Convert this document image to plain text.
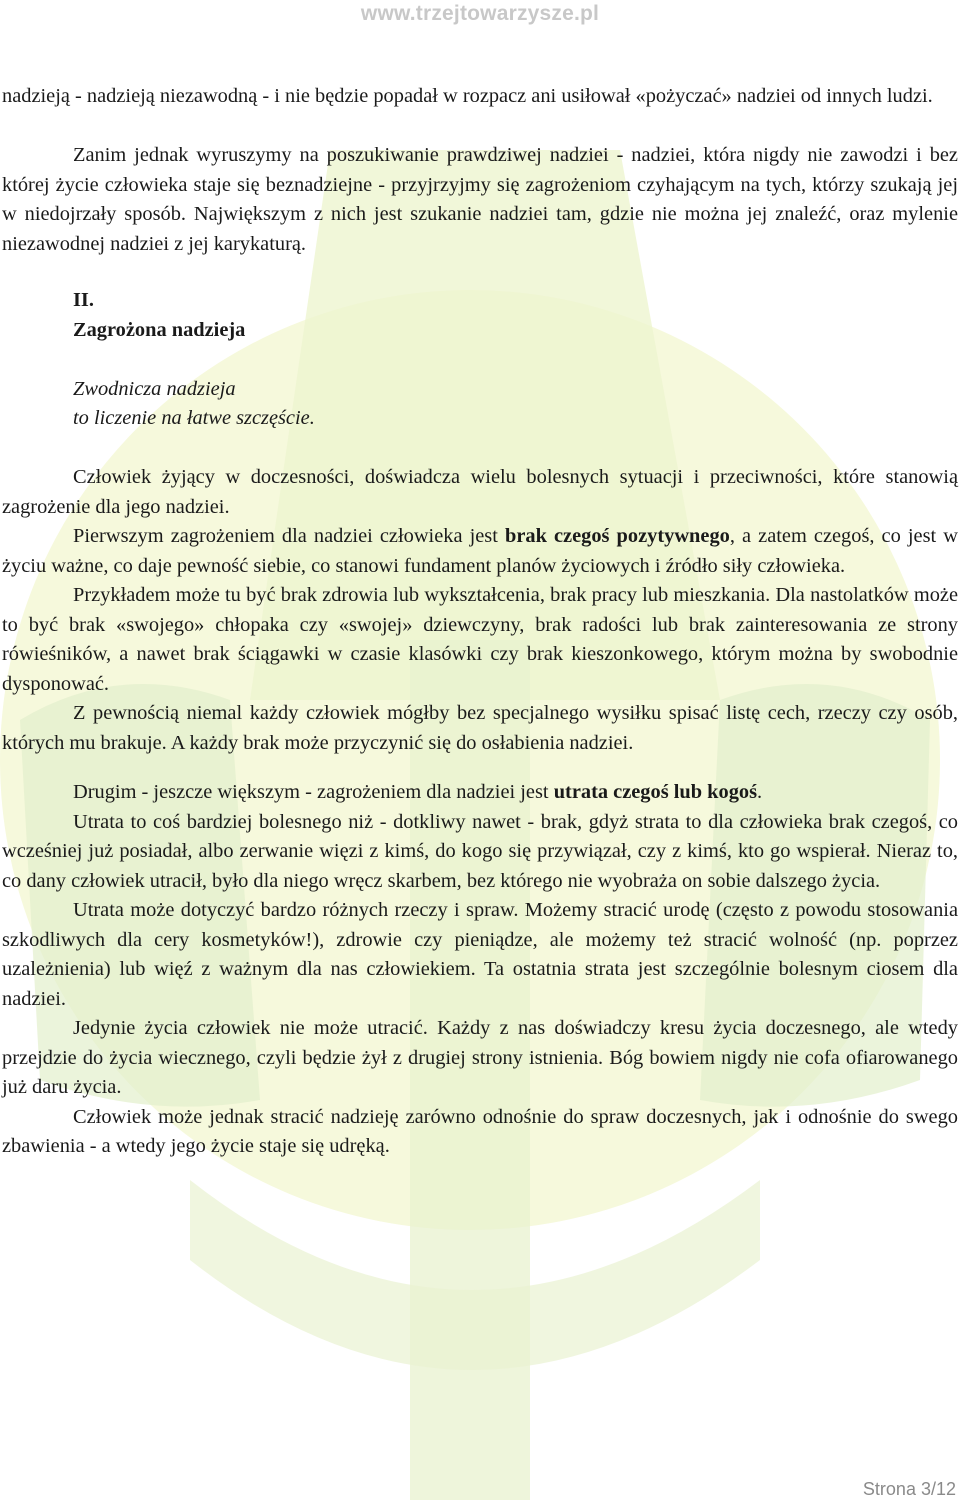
www.trzejtowarzysze.pl

nadzieją - nadzieją niezawodną - i nie będzie popadał w rozpacz ani usiłował «pożyczać» nadziei od innych ludzi.

Zanim jednak wyruszymy na poszukiwanie prawdziwej nadziei - nadziei, która nigdy nie zawodzi i bez której życie człowieka staje się beznadziejne - przyjrzyjmy się zagrożeniom czyhającym na tych, którzy szukają jej w niedojrzały sposób. Największym z nich jest szukanie nadziei tam, gdzie nie można jej znaleźć, oraz mylenie niezawodnej nadziei z jej karykaturą.

II.

Zagrożona nadzieja

Zwodnicza nadzieja

to liczenie na łatwe szczęście.

Człowiek żyjący w doczesności, doświadcza wielu bolesnych sytuacji i przeciwności, które stanowią zagrożenie dla jego nadziei.

Pierwszym zagrożeniem dla nadziei człowieka jest brak czegoś pozytywnego, a zatem czegoś, co jest w życiu ważne, co daje pewność siebie, co stanowi fundament planów życiowych i źródło siły człowieka.

Przykładem może tu być brak zdrowia lub wykształcenia, brak pracy lub mieszkania. Dla nastolatków może to być brak «swojego» chłopaka czy «swojej» dziewczyny, brak radości lub brak zainteresowania ze strony rówieśników, a nawet brak ściągawki w czasie klasówki czy brak kieszonkowego, którym można by swobodnie dysponować.

Z pewnością niemal każdy człowiek mógłby bez specjalnego wysiłku spisać listę cech, rzeczy czy osób, których mu brakuje. A każdy brak może przyczynić się do osłabienia nadziei.

Drugim - jeszcze większym - zagrożeniem dla nadziei jest utrata czegoś lub kogoś.

Utrata to coś bardziej bolesnego niż - dotkliwy nawet - brak, gdyż strata to dla człowieka brak czegoś, co wcześniej już posiadał, albo zerwanie więzi z kimś, do kogo się przywiązał, czy z kimś, kto go wspierał. Nieraz to, co dany człowiek utracił, było dla niego wręcz skarbem, bez którego nie wyobraża on sobie dalszego życia.

Utrata może dotyczyć bardzo różnych rzeczy i spraw. Możemy stracić urodę (często z powodu stosowania szkodliwych dla cery kosmetyków!), zdrowie czy pieniądze, ale możemy też stracić wolność (np. poprzez uzależnienia) lub więź z ważnym dla nas człowiekiem. Ta ostatnia strata jest szczególnie bolesnym ciosem dla nadziei.

Jedynie życia człowiek nie może utracić. Każdy z nas doświadczy kresu życia doczesnego, ale wtedy przejdzie do życia wiecznego, czyli będzie żył z drugiej strony istnienia. Bóg bowiem nigdy nie cofa ofiarowanego już daru życia.

Człowiek może jednak stracić nadzieję zarówno odnośnie do spraw doczesnych, jak i odnośnie do swego zbawienia - a wtedy jego życie staje się udręką.

Strona 3/12
